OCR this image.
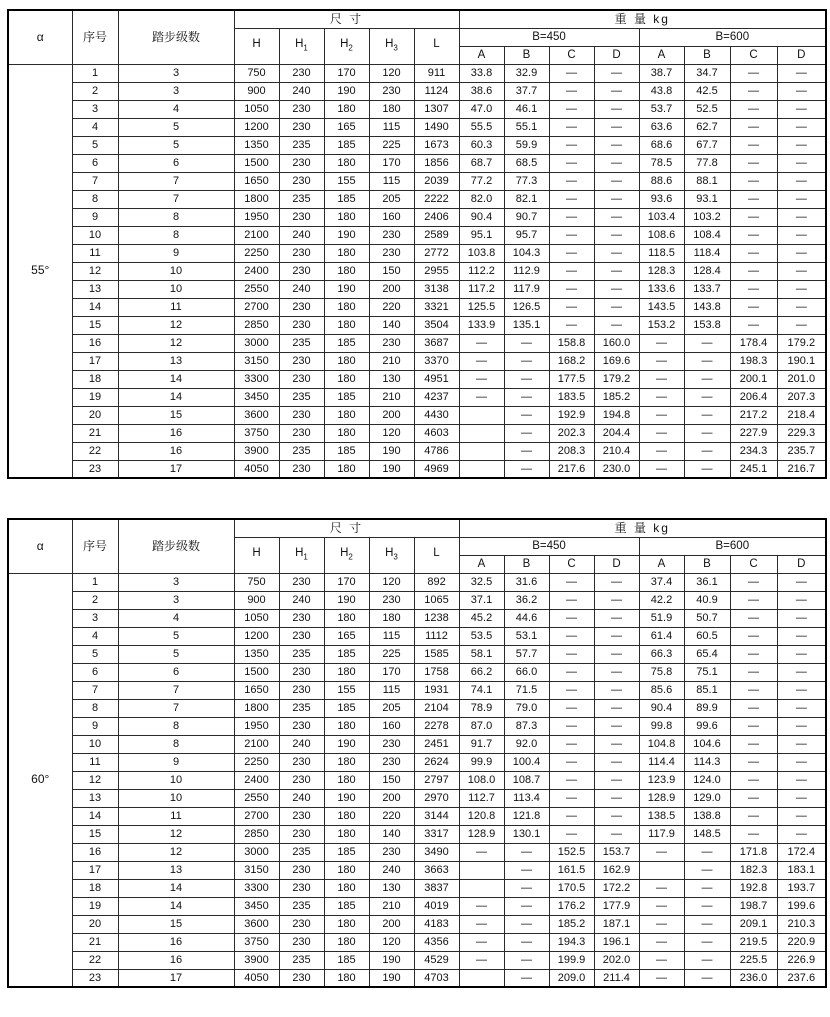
α	序号	踏步级数	尺 寸					重 量 kg							
			H	$H_1$	$H_2$	$H_3$	L	B=450				B=600			
								A	B	C	D	A	B	C	D
55°	1	3	750	230	170	120	911	33.8	32.9	—	—	38.7	34.7	—	—
	2	3	900	240	190	230	1124	38.6	37.7	—	—	43.8	42.5	—	—
	3	4	1050	230	180	180	1307	47.0	46.1	—	—	53.7	52.5	—	—
	4	5	1200	230	165	115	1490	55.5	55.1	—	—	63.6	62.7	—	—
	5	5	1350	235	185	225	1673	60.3	59.9	—	—	68.6	67.7	—	—
	6	6	1500	230	180	170	1856	68.7	68.5	—	—	78.5	77.8	—	—
	7	7	1650	230	155	115	2039	77.2	77.3	—	—	88.6	88.1	—	—
	8	7	1800	235	185	205	2222	82.0	82.1	—	—	93.6	93.1	—	—
	9	8	1950	230	180	160	2406	90.4	90.7	—	—	103.4	103.2	—	—
	10	8	2100	240	190	230	2589	95.1	95.7	—	—	108.6	108.4	—	—
	11	9	2250	230	180	230	2772	103.8	104.3	—	—	118.5	118.4	—	—
	12	10	2400	230	180	150	2955	112.2	112.9	—	—	128.3	128.4	—	—
	13	10	2550	240	190	200	3138	117.2	117.9	—	—	133.6	133.7	—	—
	14	11	2700	230	180	220	3321	125.5	126.5	—	—	143.5	143.8	—	—
	15	12	2850	230	180	140	3504	133.9	135.1	—	—	153.2	153.8	—	—
	16	12	3000	235	185	230	3687	—	—	158.8	160.0	—	—	178.4	179.2
	17	13	3150	230	180	210	3370	—	—	168.2	169.6	—	—	198.3	190.1
	18	14	3300	230	180	130	4951	—	—	177.5	179.2	—	—	200.1	201.0
	19	14	3450	235	185	210	4237	—	—	183.5	185.2	—	—	206.4	207.3
	20	15	3600	230	180	200	4430		—	192.9	194.8	—	—	217.2	218.4
	21	16	3750	230	180	120	4603		—	202.3	204.4	—	—	227.9	229.3
	22	16	3900	235	185	190	4786		—	208.3	210.4	—	—	234.3	235.7
	23	17	4050	230	180	190	4969		—	217.6	230.0	—	—	245.1	216.7
α	序号	踏步级数	尺 寸					重 量 kg							
			H	$H_1$	$H_2$	$H_3$	L	B=450				B=600			
								A	B	C	D	A	B	C	D
60°	1	3	750	230	170	120	892	32.5	31.6	—	—	37.4	36.1	—	—
	2	3	900	240	190	230	1065	37.1	36.2	—	—	42.2	40.9	—	—
	3	4	1050	230	180	180	1238	45.2	44.6	—	—	51.9	50.7	—	—
	4	5	1200	230	165	115	1112	53.5	53.1	—	—	61.4	60.5	—	—
	5	5	1350	235	185	225	1585	58.1	57.7	—	—	66.3	65.4	—	—
	6	6	1500	230	180	170	1758	66.2	66.0	—	—	75.8	75.1	—	—
	7	7	1650	230	155	115	1931	74.1	71.5	—	—	85.6	85.1	—	—
	8	7	1800	235	185	205	2104	78.9	79.0	—	—	90.4	89.9	—	—
	9	8	1950	230	180	160	2278	87.0	87.3	—	—	99.8	99.6	—	—
	10	8	2100	240	190	230	2451	91.7	92.0	—	—	104.8	104.6	—	—
	11	9	2250	230	180	230	2624	99.9	100.4	—	—	114.4	114.3	—	—
	12	10	2400	230	180	150	2797	108.0	108.7	—	—	123.9	124.0	—	—
	13	10	2550	240	190	200	2970	112.7	113.4	—	—	128.9	129.0	—	—
	14	11	2700	230	180	220	3144	120.8	121.8	—	—	138.5	138.8	—	—
	15	12	2850	230	180	140	3317	128.9	130.1	—	—	117.9	148.5	—	—
	16	12	3000	235	185	230	3490	—	—	152.5	153.7	—	—	171.8	172.4
	17	13	3150	230	180	240	3663		—	161.5	162.9		—	182.3	183.1
	18	14	3300	230	180	130	3837		—	170.5	172.2	—	—	192.8	193.7
	19	14	3450	235	185	210	4019	—	—	176.2	177.9	—	—	198.7	199.6
	20	15	3600	230	180	200	4183	—	—	185.2	187.1	—	—	209.1	210.3
	21	16	3750	230	180	120	4356	—	—	194.3	196.1	—	—	219.5	220.9
	22	16	3900	235	185	190	4529	—	—	199.9	202.0	—	—	225.5	226.9
	23	17	4050	230	180	190	4703		—	209.0	211.4	—	—	236.0	237.6
